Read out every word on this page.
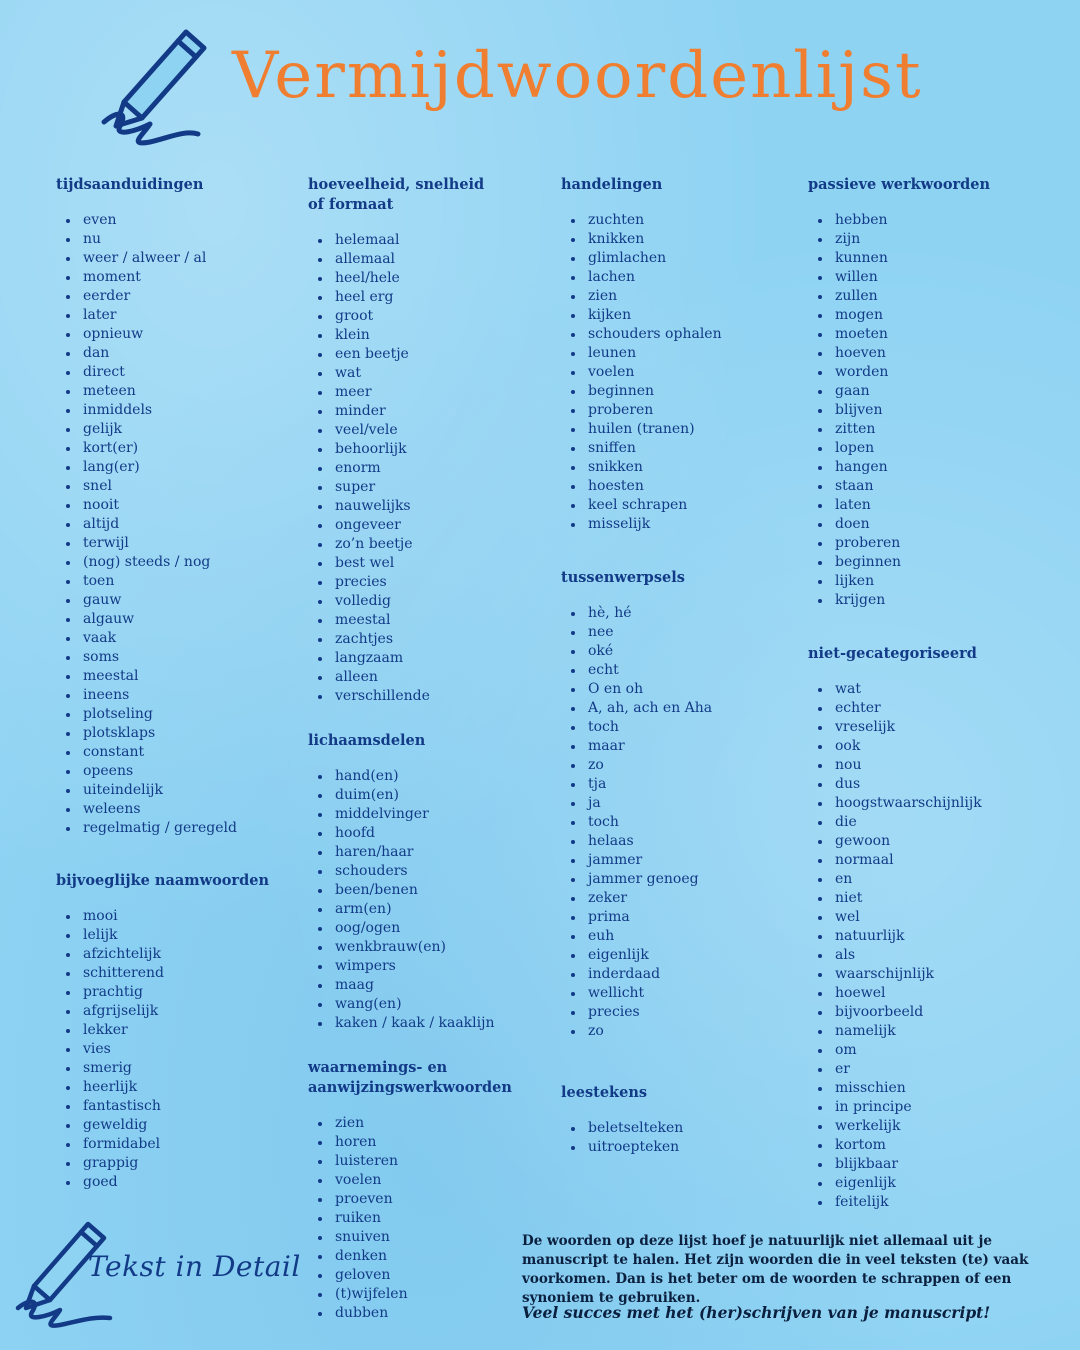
Vermijdwoordenlijst
tijdsaanduidingen
even
nu
weer / alweer / al
moment
eerder
later
opnieuw
dan
direct
meteen
inmiddels
gelijk
kort(er)
lang(er)
snel
nooit
altijd
terwijl
(nog) steeds / nog
toen
gauw
algauw
vaak
soms
meestal
ineens
plotseling
plotsklaps
constant
opeens
uiteindelijk
weleens
regelmatig / geregeld
bijvoeglijke naamwoorden
mooi
lelijk
afzichtelijk
schitterend
prachtig
afgrijselijk
lekker
vies
smerig
heerlijk
fantastisch
geweldig
formidabel
grappig
goed
hoeveelheid, snelheid of formaat
helemaal
allemaal
heel/hele
heel erg
groot
klein
een beetje
wat
meer
minder
veel/vele
behoorlijk
enorm
super
nauwelijks
ongeveer
zo’n beetje
best wel
precies
volledig
meestal
zachtjes
langzaam
alleen
verschillende
lichaamsdelen
hand(en)
duim(en)
middelvinger
hoofd
haren/haar
schouders
been/benen
arm(en)
oog/ogen
wenkbrauw(en)
wimpers
maag
wang(en)
kaken / kaak / kaaklijn
waarnemings- en aanwijzingswerkwoorden
zien
horen
luisteren
voelen
proeven
ruiken
snuiven
denken
geloven
(t)wijfelen
dubben
handelingen
zuchten
knikken
glimlachen
lachen
zien
kijken
schouders ophalen
leunen
voelen
beginnen
proberen
huilen (tranen)
sniffen
snikken
hoesten
keel schrapen
misselijk
tussenwerpsels
hè, hé
nee
oké
echt
O en oh
A, ah, ach en Aha
toch
maar
zo
tja
ja
toch
helaas
jammer
jammer genoeg
zeker
prima
euh
eigenlijk
inderdaad
wellicht
precies
zo
leestekens
beletselteken
uitroepteken
passieve werkwoorden
hebben
zijn
kunnen
willen
zullen
mogen
moeten
hoeven
worden
gaan
blijven
zitten
lopen
hangen
staan
laten
doen
proberen
beginnen
lijken
krijgen
niet-gecategoriseerd
wat
echter
vreselijk
ook
nou
dus
hoogstwaarschijnlijk
die
gewoon
normaal
en
niet
wel
natuurlijk
als
waarschijnlijk
hoewel
bijvoorbeeld
namelijk
om
er
misschien
in principe
werkelijk
kortom
blijkbaar
eigenlijk
feitelijk
Tekst in Detail

De woorden op deze lijst hoef je natuurlijk niet allemaal uit je manuscript te halen. Het zijn woorden die in veel teksten (te) vaak voorkomen. Dan is het beter om de woorden te schrappen of een synoniem te gebruiken.

Veel succes met het (her)schrijven van je manuscript!
